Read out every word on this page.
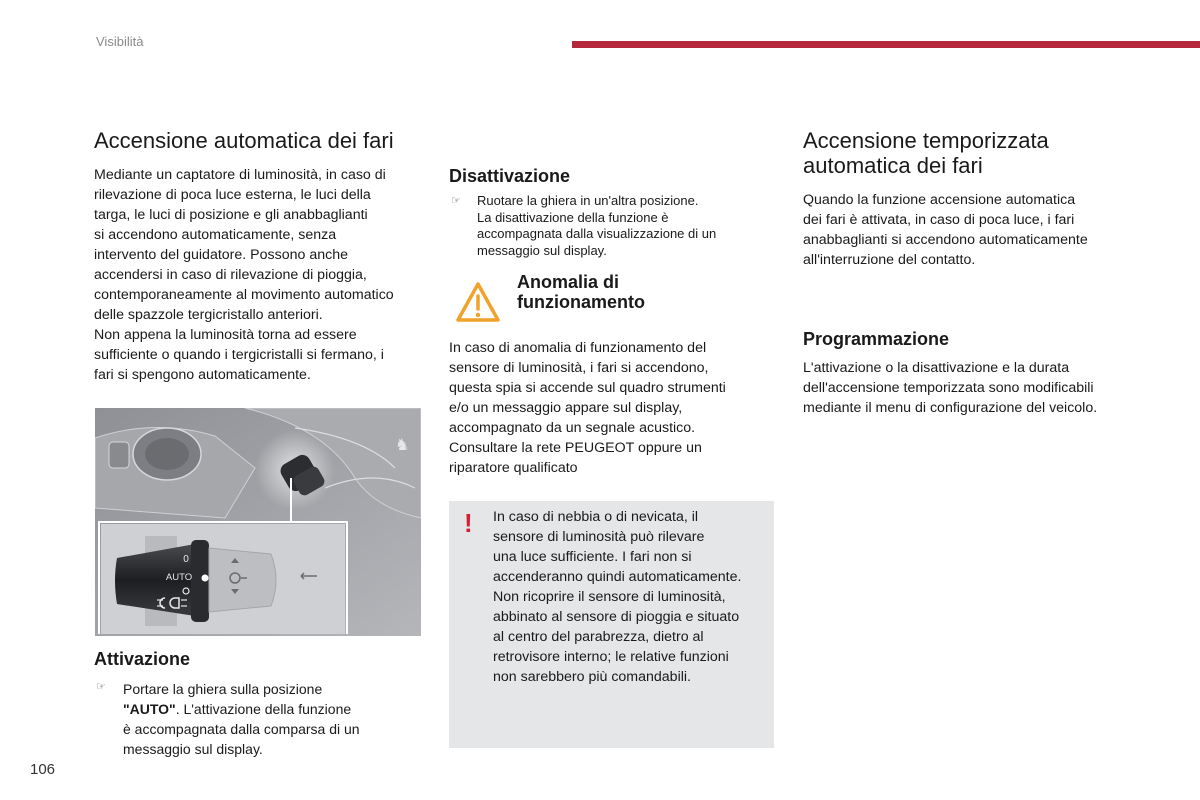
Visibilità
Accensione automatica dei fari

Mediante un captatore di luminosità, in caso di

rilevazione di poca luce esterna, le luci della

targa, le luci di posizione e gli anabbaglianti

si accendono automaticamente, senza

intervento del guidatore. Possono anche

accendersi in caso di rilevazione di pioggia,

contemporaneamente al movimento automatico

delle spazzole tergicristallo anteriori.

Non appena la luminosità torna ad essere

sufficiente o quando i tergicristalli si fermano, i

fari si spengono automaticamente.

♞
0
AUTO
Attivazione
☞	Portare la ghiera sulla posizione
"AUTO". L'attivazione della funzione
è accompagnata dalla comparsa di un
messaggio sul display.
Disattivazione
☞	Ruotare la ghiera in un'altra posizione.
La disattivazione della funzione è
accompagnata dalla visualizzazione di un
messaggio sul display.
Anomalia di
funzionamento

In caso di anomalia di funzionamento del

sensore di luminosità, i fari si accendono,

questa spia si accende sul quadro strumenti

e/o un messaggio appare sul display,

accompagnato da un segnale acustico.

Consultare la rete PEUGEOT oppure un

riparatore qualificato

! In caso di nebbia o di nevicata, il

sensore di luminosità può rilevare

una luce sufficiente. I fari non si

accenderanno quindi automaticamente.

Non ricoprire il sensore di luminosità,

abbinato al sensore di pioggia e situato

al centro del parabrezza, dietro al

retrovisore interno; le relative funzioni

non sarebbero più comandabili.

Accensione temporizzata
automatica dei fari

Quando la funzione accensione automatica

dei fari è attivata, in caso di poca luce, i fari

anabbaglianti si accendono automaticamente

all'interruzione del contatto.

Programmazione

L'attivazione o la disattivazione e la durata

dell'accensione temporizzata sono modificabili

mediante il menu di configurazione del veicolo.

106
